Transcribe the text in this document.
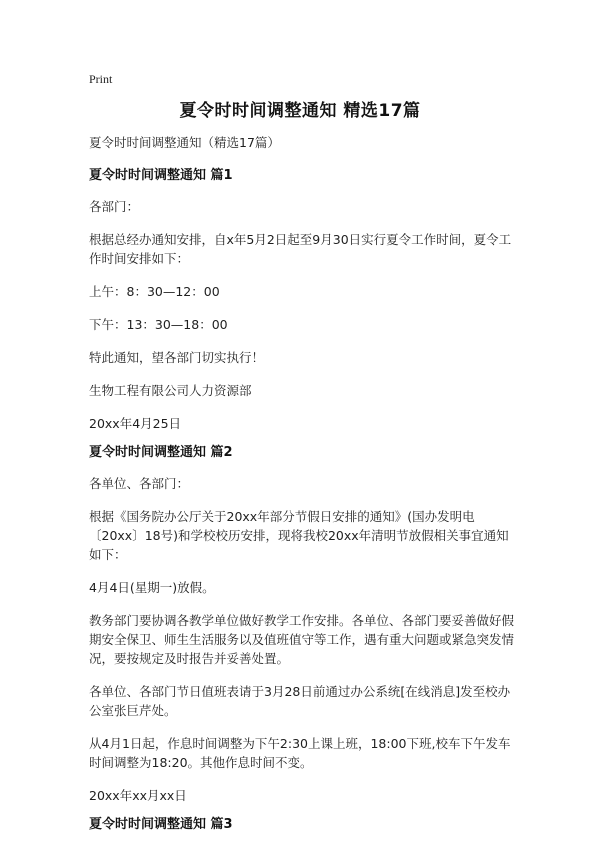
Print
夏令时时间调整通知 精选17篇

夏令时时间调整通知（精选17篇）

夏令时时间调整通知 篇1

各部门：

根据总经办通知安排，自x年5月2日起至9月30日实行夏令工作时间，夏令工作时间安排如下：

上午：8：30—12：00

下午：13：30—18：00

特此通知，望各部门切实执行！

生物工程有限公司人力资源部

20xx年4月25日

夏令时时间调整通知 篇2

各单位、各部门：

根据《国务院办公厅关于20xx年部分节假日安排的通知》(国办发明电〔20xx〕18号)和学校校历安排，现将我校20xx年清明节放假相关事宜通知如下：

4月4日(星期一)放假。

教务部门要协调各教学单位做好教学工作安排。各单位、各部门要妥善做好假期安全保卫、师生生活服务以及值班值守等工作，遇有重大问题或紧急突发情况，要按规定及时报告并妥善处置。

各单位、各部门节日值班表请于3月28日前通过办公系统[在线消息]发至校办公室张巨芹处。

从4月1日起，作息时间调整为下午2:30上课上班，18:00下班,校车下午发车时间调整为18:20。其他作息时间不变。

20xx年xx月xx日

夏令时时间调整通知 篇3
